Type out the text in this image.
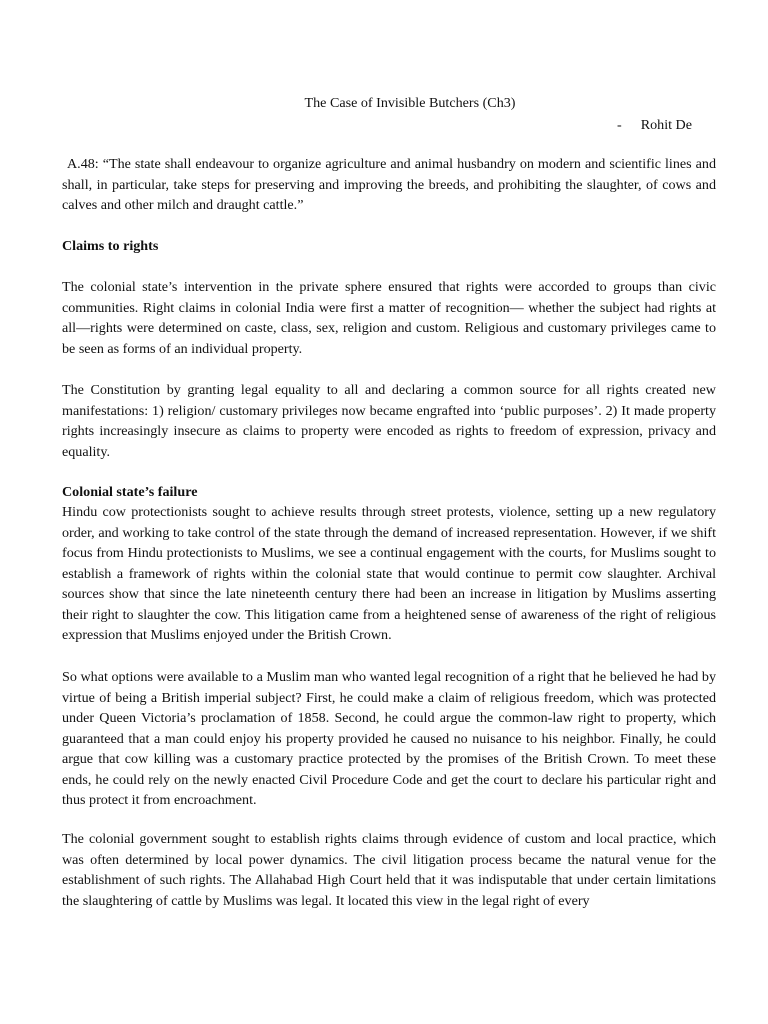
The Case of Invisible Butchers (Ch3)
- Rohit De
A.48: “The state shall endeavour to organize agriculture and animal husbandry on modern and scientific lines and shall, in particular, take steps for preserving and improving the breeds, and prohibiting the slaughter, of cows and calves and other milch and draught cattle.”
Claims to rights
The colonial state’s intervention in the private sphere ensured that rights were accorded to groups than civic communities. Right claims in colonial India were first a matter of recognition— whether the subject had rights at all—rights were determined on caste, class, sex, religion and custom. Religious and customary privileges came to be seen as forms of an individual property.
The Constitution by granting legal equality to all and declaring a common source for all rights created new manifestations: 1) religion/ customary privileges now became engrafted into ‘public purposes’. 2) It made property rights increasingly insecure as claims to property were encoded as rights to freedom of expression, privacy and equality.
Colonial state’s failure
Hindu cow protectionists sought to achieve results through street protests, violence, setting up a new regulatory order, and working to take control of the state through the demand of increased representation. However, if we shift focus from Hindu protectionists to Muslims, we see a continual engagement with the courts, for Muslims sought to establish a framework of rights within the colonial state that would continue to permit cow slaughter. Archival sources show that since the late nineteenth century there had been an increase in litigation by Muslims asserting their right to slaughter the cow. This litigation came from a heightened sense of awareness of the right of religious expression that Muslims enjoyed under the British Crown.
So what options were available to a Muslim man who wanted legal recognition of a right that he believed he had by virtue of being a British imperial subject? First, he could make a claim of religious freedom, which was protected under Queen Victoria’s proclamation of 1858. Second, he could argue the common-law right to property, which guaranteed that a man could enjoy his property provided he caused no nuisance to his neighbor. Finally, he could argue that cow killing was a customary practice protected by the promises of the British Crown. To meet these ends, he could rely on the newly enacted Civil Procedure Code and get the court to declare his particular right and thus protect it from encroachment.
The colonial government sought to establish rights claims through evidence of custom and local practice, which was often determined by local power dynamics. The civil litigation process became the natural venue for the establishment of such rights. The Allahabad High Court held that it was indisputable that under certain limitations the slaughtering of cattle by Muslims was legal. It located this view in the legal right of every
